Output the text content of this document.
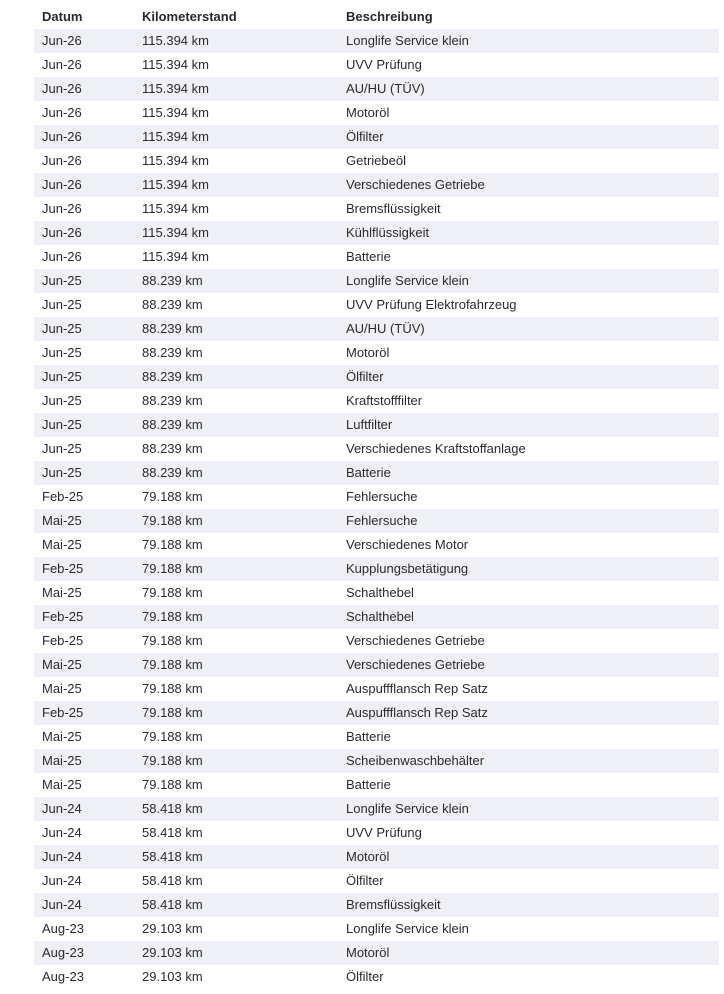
Datum	Kilometerstand	Beschreibung
Jun-26	115.394 km	Longlife Service klein
Jun-26	115.394 km	UVV Prüfung
Jun-26	115.394 km	AU/HU (TÜV)
Jun-26	115.394 km	Motoröl
Jun-26	115.394 km	Ölfilter
Jun-26	115.394 km	Getriebeöl
Jun-26	115.394 km	Verschiedenes Getriebe
Jun-26	115.394 km	Bremsflüssigkeit
Jun-26	115.394 km	Kühlflüssigkeit
Jun-26	115.394 km	Batterie
Jun-25	88.239 km	Longlife Service klein
Jun-25	88.239 km	UVV Prüfung Elektrofahrzeug
Jun-25	88.239 km	AU/HU (TÜV)
Jun-25	88.239 km	Motoröl
Jun-25	88.239 km	Ölfilter
Jun-25	88.239 km	Kraftstofffilter
Jun-25	88.239 km	Luftfilter
Jun-25	88.239 km	Verschiedenes Kraftstoffanlage
Jun-25	88.239 km	Batterie
Feb-25	79.188 km	Fehlersuche
Mai-25	79.188 km	Fehlersuche
Mai-25	79.188 km	Verschiedenes Motor
Feb-25	79.188 km	Kupplungsbetätigung
Mai-25	79.188 km	Schalthebel
Feb-25	79.188 km	Schalthebel
Feb-25	79.188 km	Verschiedenes Getriebe
Mai-25	79.188 km	Verschiedenes Getriebe
Mai-25	79.188 km	Auspuffflansch Rep Satz
Feb-25	79.188 km	Auspuffflansch Rep Satz
Mai-25	79.188 km	Batterie
Mai-25	79.188 km	Scheibenwaschbehälter
Mai-25	79.188 km	Batterie
Jun-24	58.418 km	Longlife Service klein
Jun-24	58.418 km	UVV Prüfung
Jun-24	58.418 km	Motoröl
Jun-24	58.418 km	Ölfilter
Jun-24	58.418 km	Bremsflüssigkeit
Aug-23	29.103 km	Longlife Service klein
Aug-23	29.103 km	Motoröl
Aug-23	29.103 km	Ölfilter
